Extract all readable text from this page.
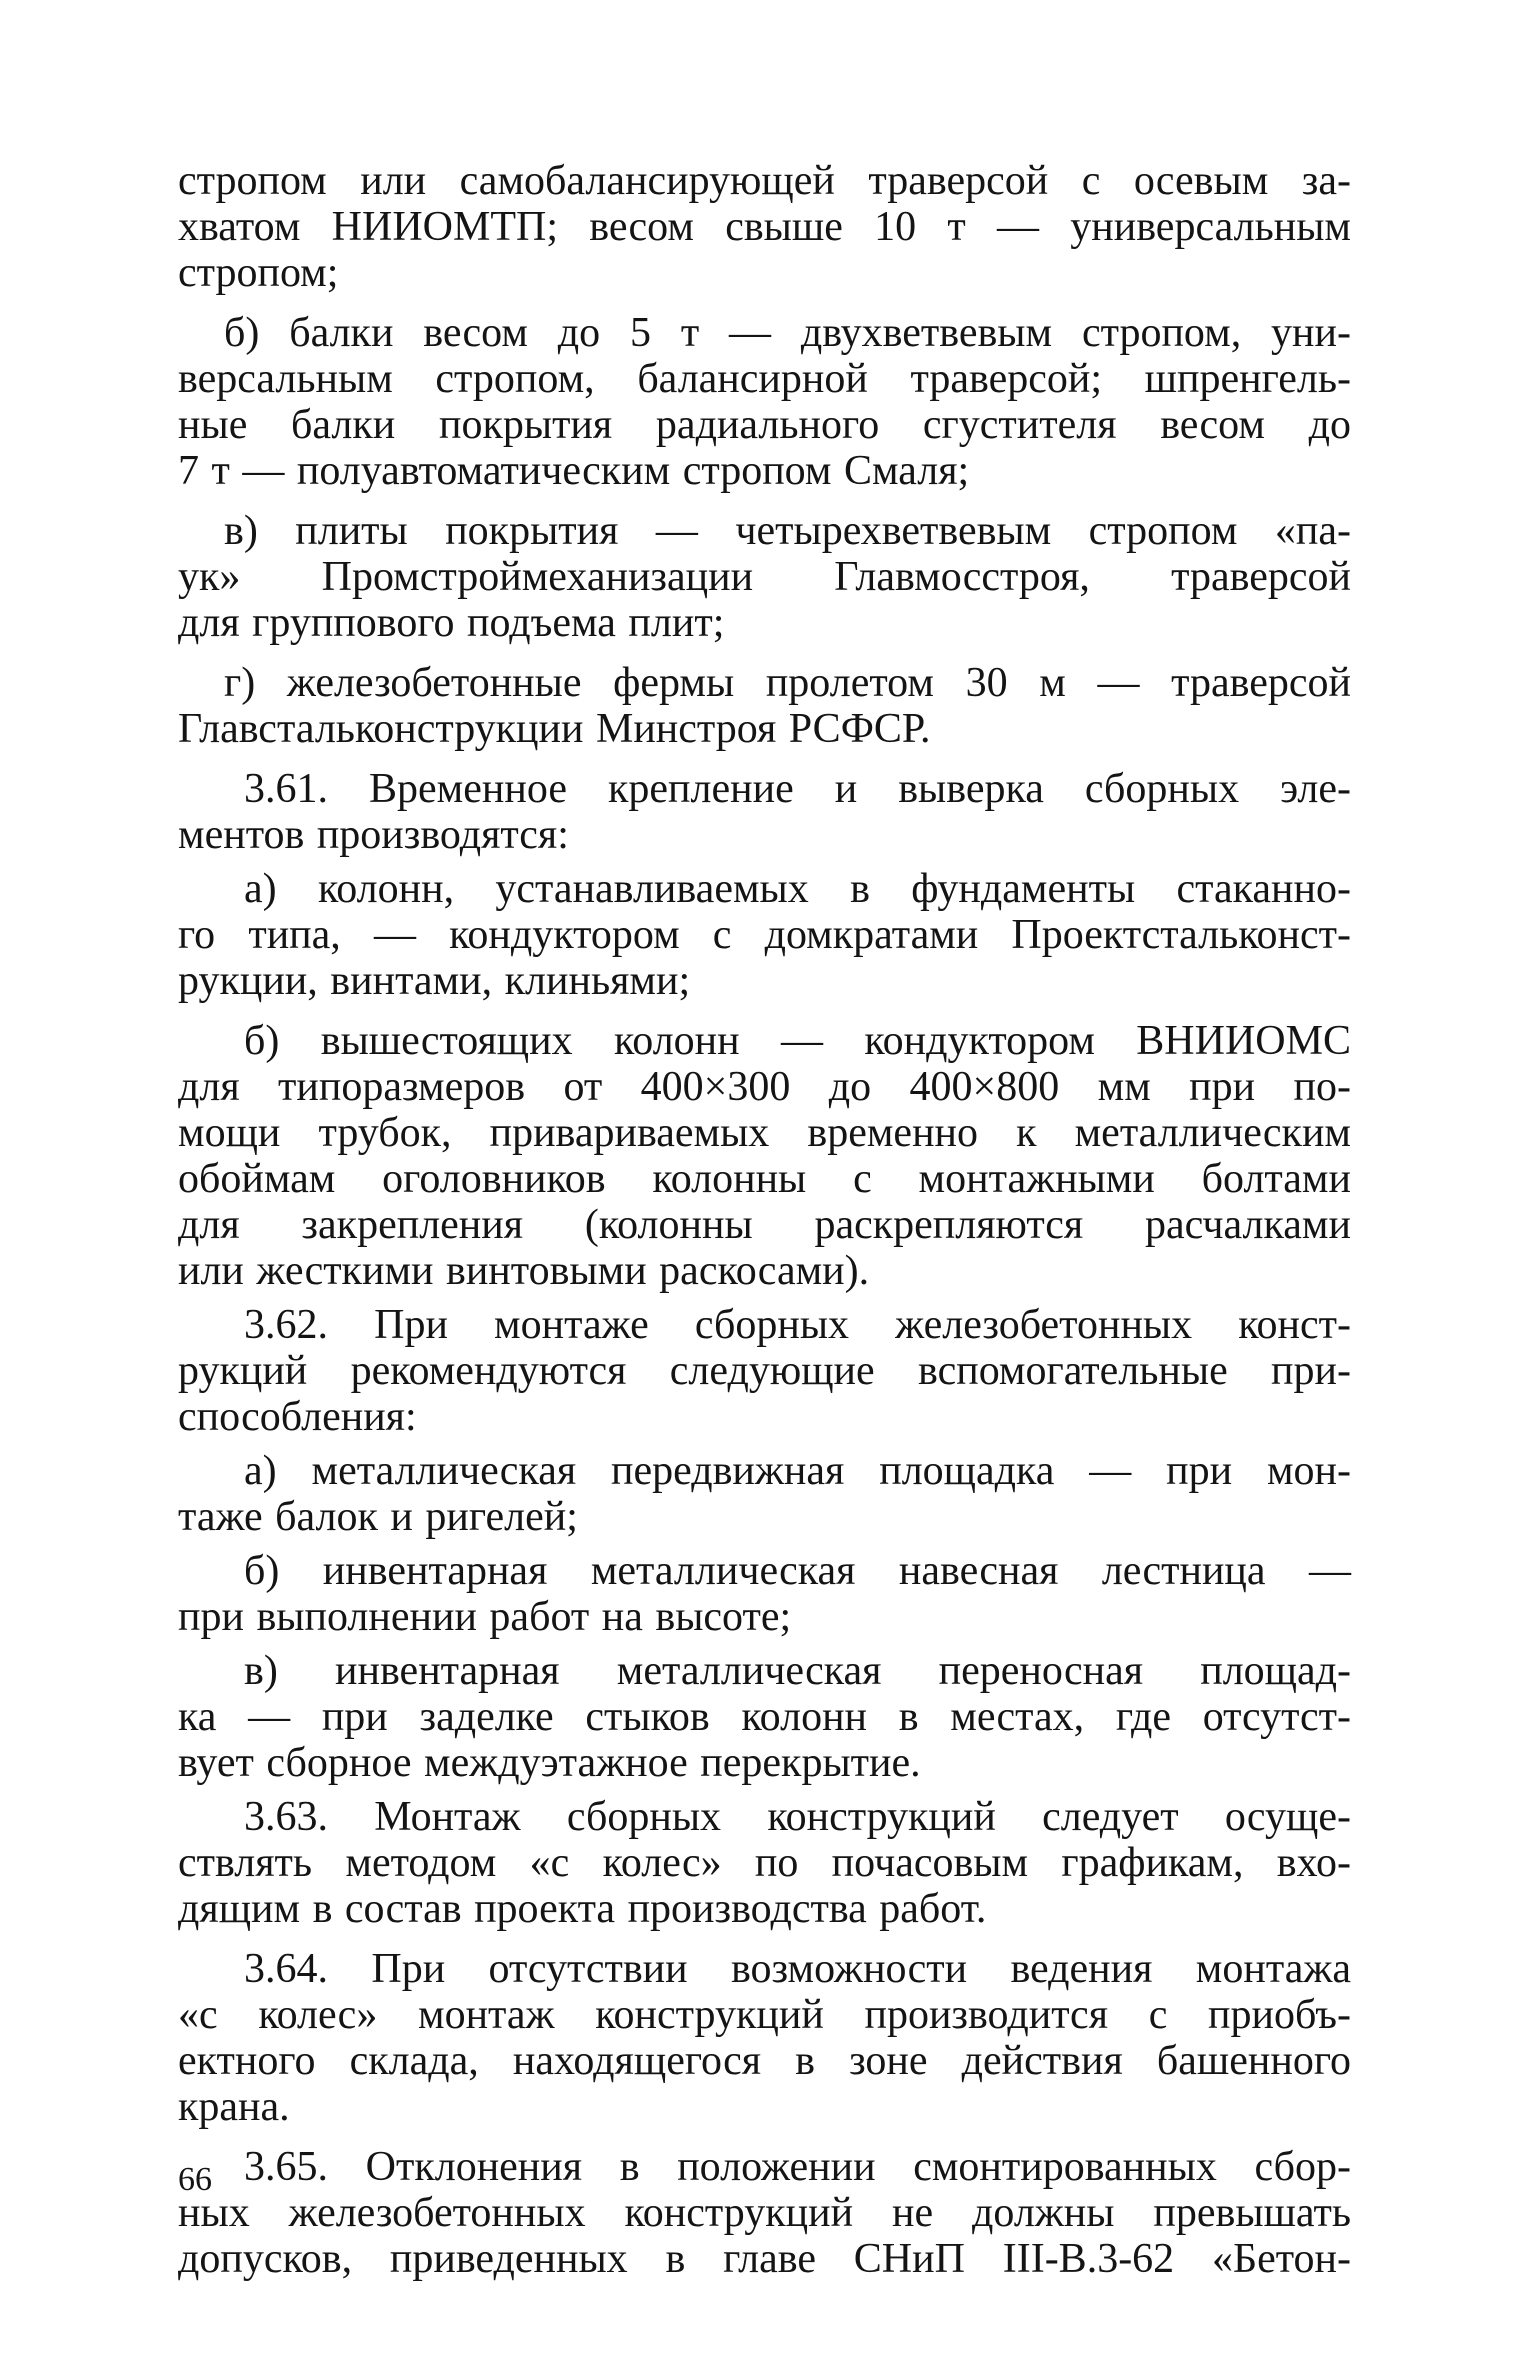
стропом или самобалансирующей траверсой с осевым за-
хватом НИИОМТП; весом свыше 10 т — универсальным
стропом;
б) балки весом до 5 т — двухветвевым стропом, уни-
версальным стропом, балансирной траверсой; шпренгель-
ные балки покрытия радиального сгустителя весом до
7 т — полуавтоматическим стропом Смаля;
в) плиты покрытия — четырехветвевым стропом «па-
ук» Промстроймеханизации Главмосстроя, траверсой
для группового подъема плит;
г) железобетонные фермы пролетом 30 м — траверсой
Главстальконструкции Минстроя РСФСР.
3.61. Временное крепление и выверка сборных эле-
ментов производятся:
а) колонн, устанавливаемых в фундаменты стаканно-
го типа, — кондуктором с домкратами Проектстальконст-
рукции, винтами, клиньями;
б) вышестоящих колонн — кондуктором ВНИИОМС
для типоразмеров от 400×300 до 400×800 мм при по-
мощи трубок, привариваемых временно к металлическим
обоймам оголовников колонны с монтажными болтами
для закрепления (колонны раскрепляются расчалками
или жесткими винтовыми раскосами).
3.62. При монтаже сборных железобетонных конст-
рукций рекомендуются следующие вспомогательные при-
способления:
а) металлическая передвижная площадка — при мон-
таже балок и ригелей;
б) инвентарная металлическая навесная лестница —
при выполнении работ на высоте;
в) инвентарная металлическая переносная площад-
ка — при заделке стыков колонн в местах, где отсутст-
вует сборное междуэтажное перекрытие.
3.63. Монтаж сборных конструкций следует осуще-
ствлять методом «с колес» по почасовым графикам, вхо-
дящим в состав проекта производства работ.
3.64. При отсутствии возможности ведения монтажа
«с колес» монтаж конструкций производится с приобъ-
ектного склада, находящегося в зоне действия башенного
крана.
3.65. Отклонения в положении смонтированных сбор-
ных железобетонных конструкций не должны превышать
допусков, приведенных в главе СНиП III-В.3-62 «Бетон-
66
